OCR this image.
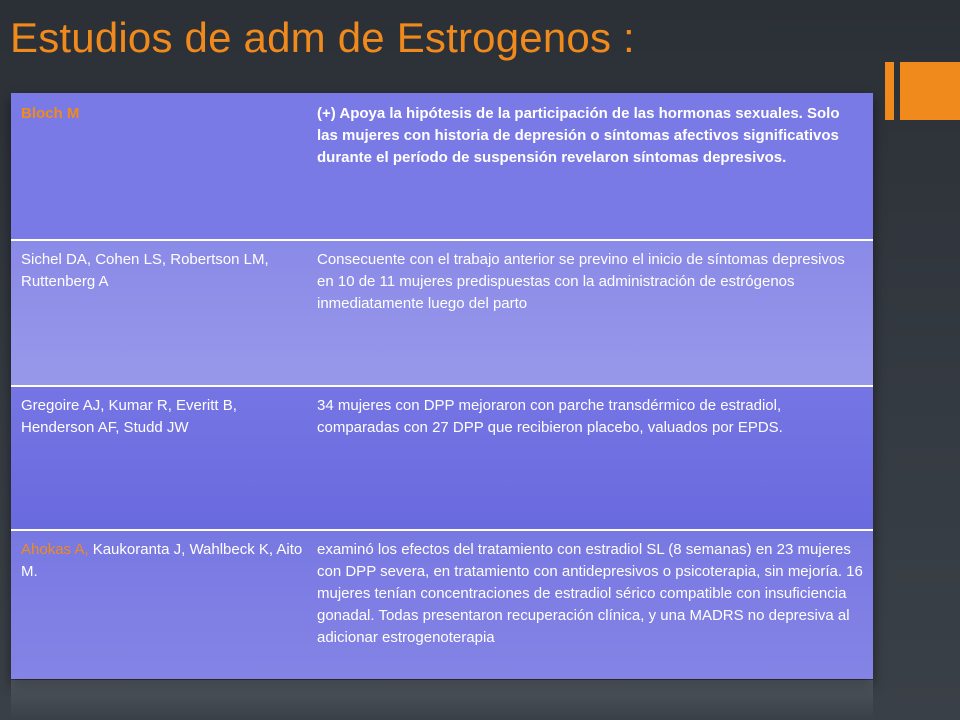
Estudios de adm de Estrogenos :
Bloch M	(+) Apoya la hipótesis de la participación de las hormonas sexuales. Solo las mujeres con historia de depresión o síntomas afectivos significativos durante el período de suspensión revelaron síntomas depresivos.
Sichel DA, Cohen LS, Robertson LM, Ruttenberg A
Consecuente con el trabajo anterior se previno el inicio de síntomas depresivos en 10 de 11 mujeres predispuestas con la administración de estrógenos inmediatamente luego del parto
Gregoire AJ, Kumar R, Everitt B, Henderson AF, Studd JW
34 mujeres con DPP mejoraron con parche transdérmico de estradiol, comparadas con 27 DPP que recibieron placebo, valuados por EPDS.
Ahokas A, Kaukoranta J, Wahlbeck K, Aito M.
examinó los efectos del tratamiento con estradiol SL (8 semanas) en 23 mujeres con DPP severa, en tratamiento con antidepresivos o psicoterapia, sin mejoría. 16 mujeres tenían concentraciones de estradiol sérico compatible con insuficiencia gonadal. Todas presentaron recuperación clínica, y una MADRS no depresiva al adicionar estrogenoterapia
